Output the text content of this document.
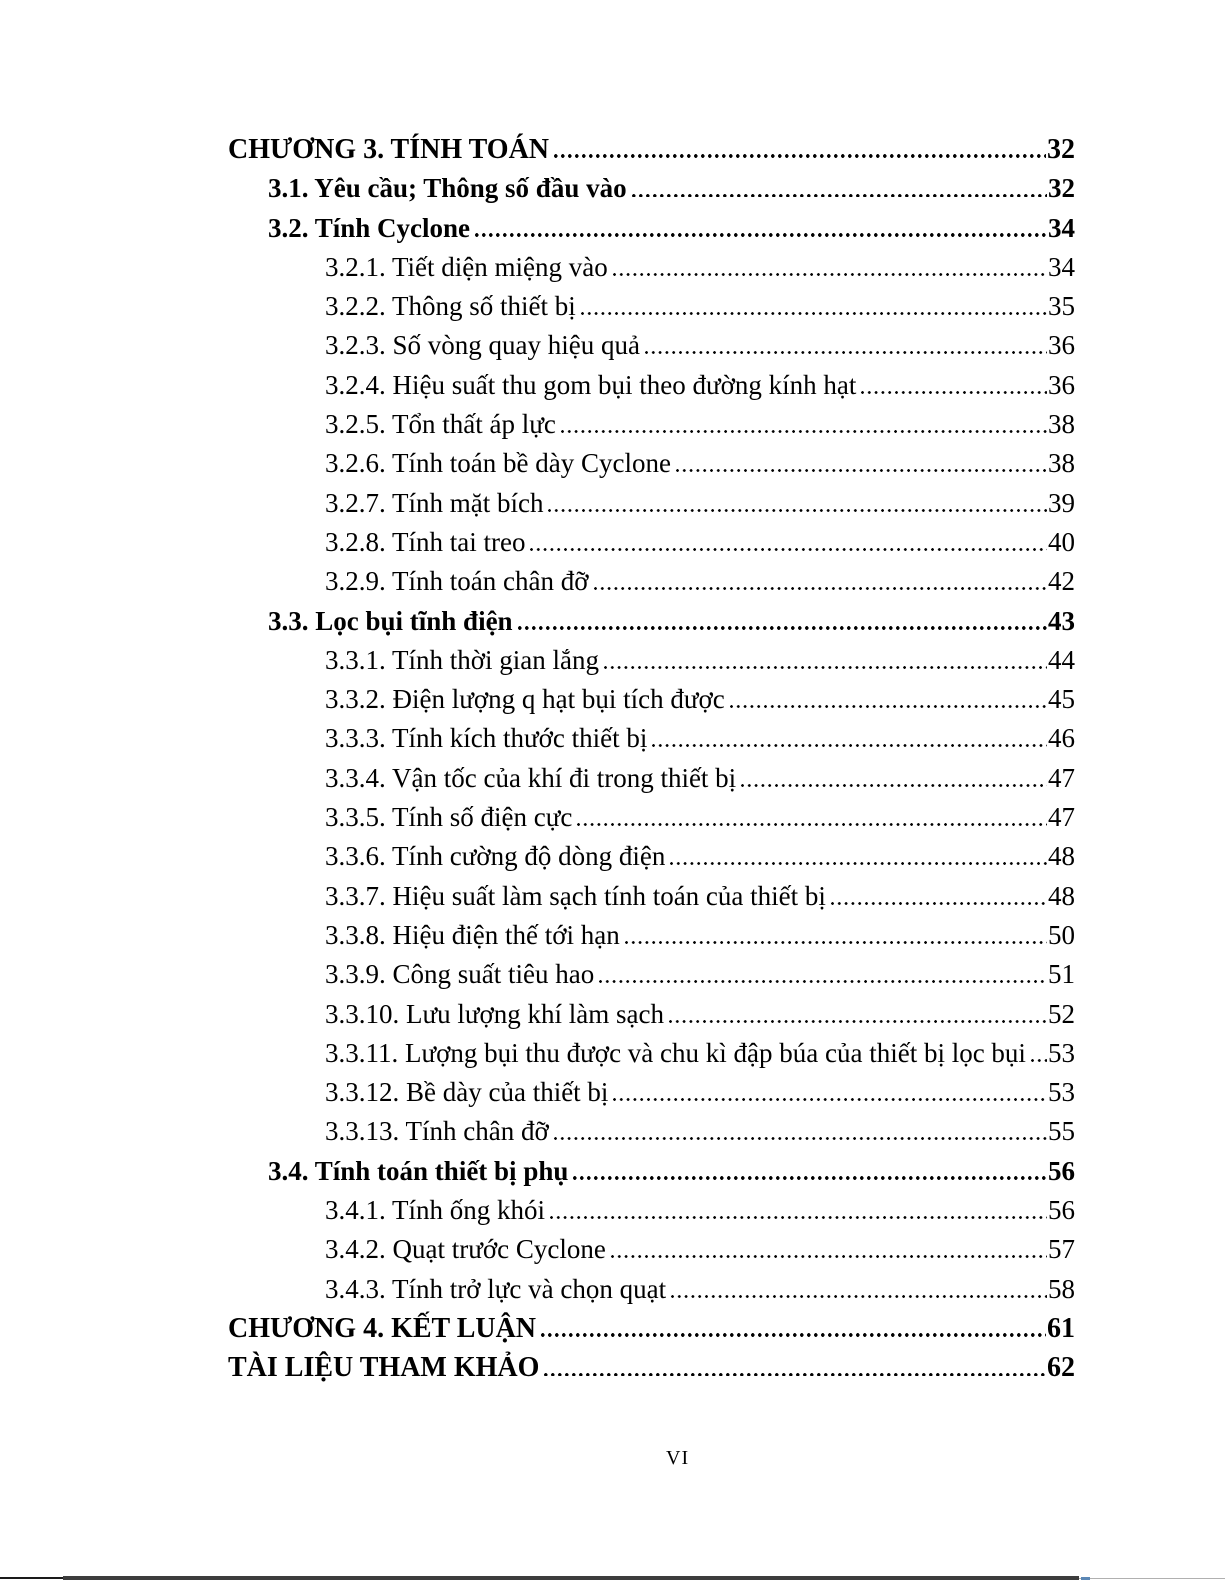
CHƯƠNG 3. TÍNH TOÁN	32
3.1. Yêu cầu; Thông số đầu vào	32
3.2. Tính Cyclone	34
3.2.1. Tiết diện miệng vào	34
3.2.2. Thông số thiết bị	35
3.2.3. Số vòng quay hiệu quả	36
3.2.4. Hiệu suất thu gom bụi theo đường kính hạt	36
3.2.5. Tổn thất áp lực	38
3.2.6. Tính toán bề dày Cyclone	38
3.2.7. Tính mặt bích	39
3.2.8. Tính tai treo	40
3.2.9. Tính toán chân đỡ	42
3.3. Lọc bụi tĩnh điện	43
3.3.1. Tính thời gian lắng	44
3.3.2. Điện lượng q hạt bụi tích được	45
3.3.3. Tính kích thước thiết bị	46
3.3.4. Vận tốc của khí đi trong thiết bị	47
3.3.5. Tính số điện cực	47
3.3.6. Tính cường độ dòng điện	48
3.3.7. Hiệu suất làm sạch tính toán của thiết bị	48
3.3.8. Hiệu điện thế tới hạn	50
3.3.9. Công suất tiêu hao	51
3.3.10. Lưu lượng khí làm sạch	52
3.3.11. Lượng bụi thu được và chu kì đập búa của thiết bị lọc bụi 53
3.3.12. Bề dày của thiết bị	53
3.3.13. Tính chân đỡ	55
3.4. Tính toán thiết bị phụ	56
3.4.1. Tính ống khói	56
3.4.2. Quạt trước Cyclone	57
3.4.3. Tính trở lực và chọn quạt	58
CHƯƠNG 4. KẾT LUẬN	61
TÀI LIỆU THAM KHẢO	62
VI
